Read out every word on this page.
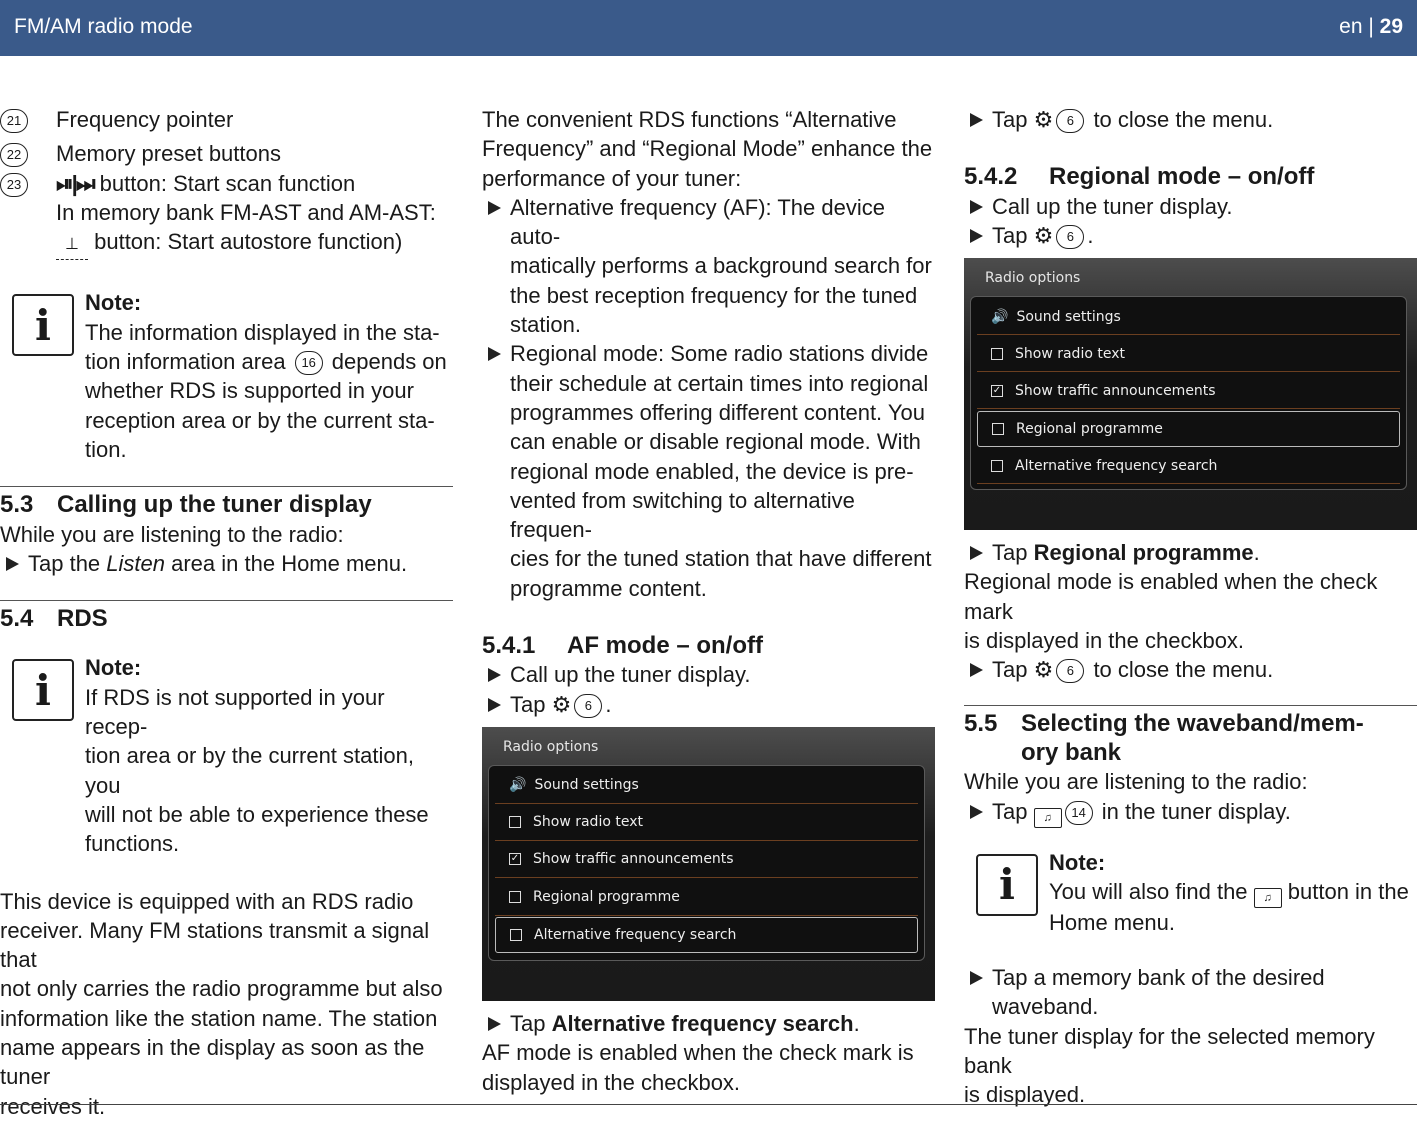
FM/AM radio mode	en | 29
21	Frequency pointer
22	Memory preset buttons
23	⏯|⏭ button: Start scan function
In memory bank FM-AST and AM-AST:
⊥ button: Start autostore function)
i	Note:

The information displayed in the sta-

tion information area 16 depends on

whether RDS is supported in your

reception area or by the current sta-

tion.

5.3 Calling up the tuner display

While you are listening to the radio:

Tap the Listen area in the Home menu.
5.4 RDS
i	Note:

If RDS is not supported in your recep-

tion area or by the current station, you

will not be able to experience these

functions.

This device is equipped with an RDS radio

receiver. Many FM stations transmit a signal that

not only carries the radio programme but also

information like the station name. The station

name appears in the display as soon as the tuner

receives it.

The convenient RDS functions “Alternative

Frequency” and “Regional Mode” enhance the

performance of your tuner:

Alternative frequency (AF): The device auto-
matically performs a background search for
the best reception frequency for the tuned
station.
Regional mode: Some radio stations divide
their schedule at certain times into regional
programmes offering different content. You
can enable or disable regional mode. With
regional mode enabled, the device is pre-
vented from switching to alternative frequen-
cies for the tuned station that have different
programme content.
5.4.1	AF mode – on/off
Call up the tuner display.
Tap ⚙ 6 .
Radio options
🔊 Sound settings
Show radio text
✓ Show traffic announcements
Regional programme
Alternative frequency search
Tap Alternative frequency search.

AF mode is enabled when the check mark is

displayed in the checkbox.

Tap ⚙ 6 to close the menu.
5.4.2	Regional mode – on/off
Call up the tuner display.
Tap ⚙ 6 .
Radio options
🔊 Sound settings
Show radio text
✓ Show traffic announcements
Regional programme
Alternative frequency search
Tap Regional programme.

Regional mode is enabled when the check mark

is displayed in the checkbox.

Tap ⚙ 6 to close the menu.
5.5 Selecting the waveband/mem-
ory bank

While you are listening to the radio:

Tap ♫ 14 in the tuner display.
i	Note:

You will also find the ♫ button in the

Home menu.

Tap a memory bank of the desired waveband.

The tuner display for the selected memory bank

is displayed.
